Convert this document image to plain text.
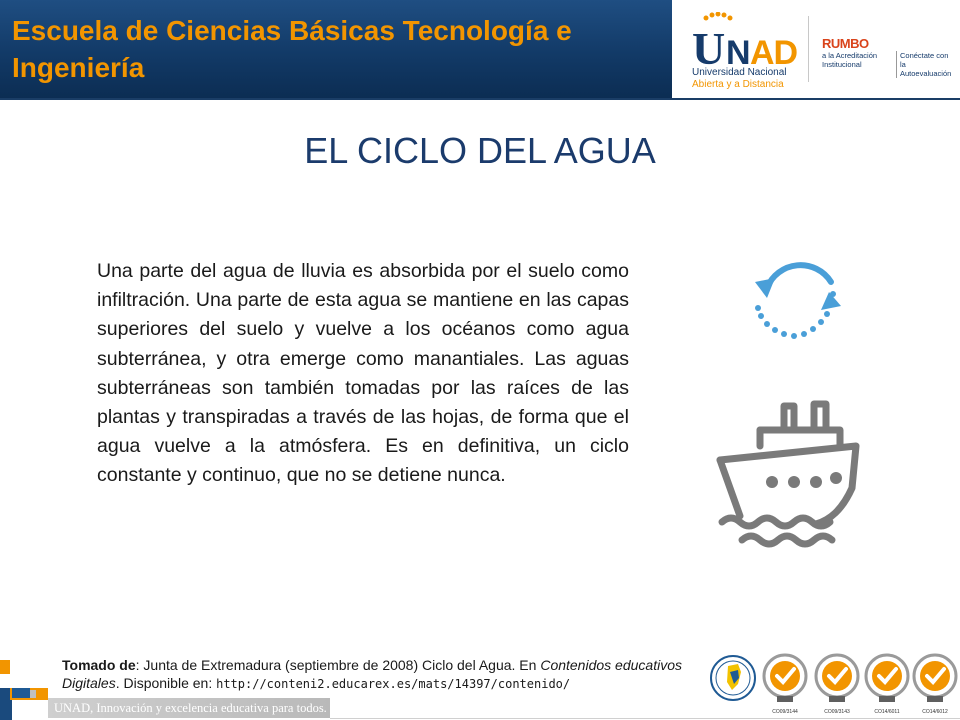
Escuela de Ciencias Básicas Tecnología e Ingeniería	U N AD
Universidad Nacional
Abierta y a Distancia
RUMBO
a la Acreditación
Institucional
Conéctate con la
Autoevaluación
EL CICLO DEL AGUA

Una parte del agua de lluvia es absorbida por el suelo como infiltración. Una parte de esta agua se mantiene en las capas superiores del suelo y vuelve a los océanos como agua subterránea, y otra emerge como manantiales. Las aguas subterráneas son también tomadas por las raíces de las plantas y transpiradas a través de las hojas, de forma que el agua vuelve a la atmósfera. Es en definitiva, un ciclo constante y continuo, que no se detiene nunca.

Tomado de: Junta de Extremadura (septiembre de 2008) Ciclo del Agua. En Contenidos educativos Digitales. Disponible en: http://conteni2.educarex.es/mats/14397/contenido/
UNAD, Innovación y excelencia educativa para todos.	CO09/3144	CO09/3143	CO14/6011	CO14/6012
